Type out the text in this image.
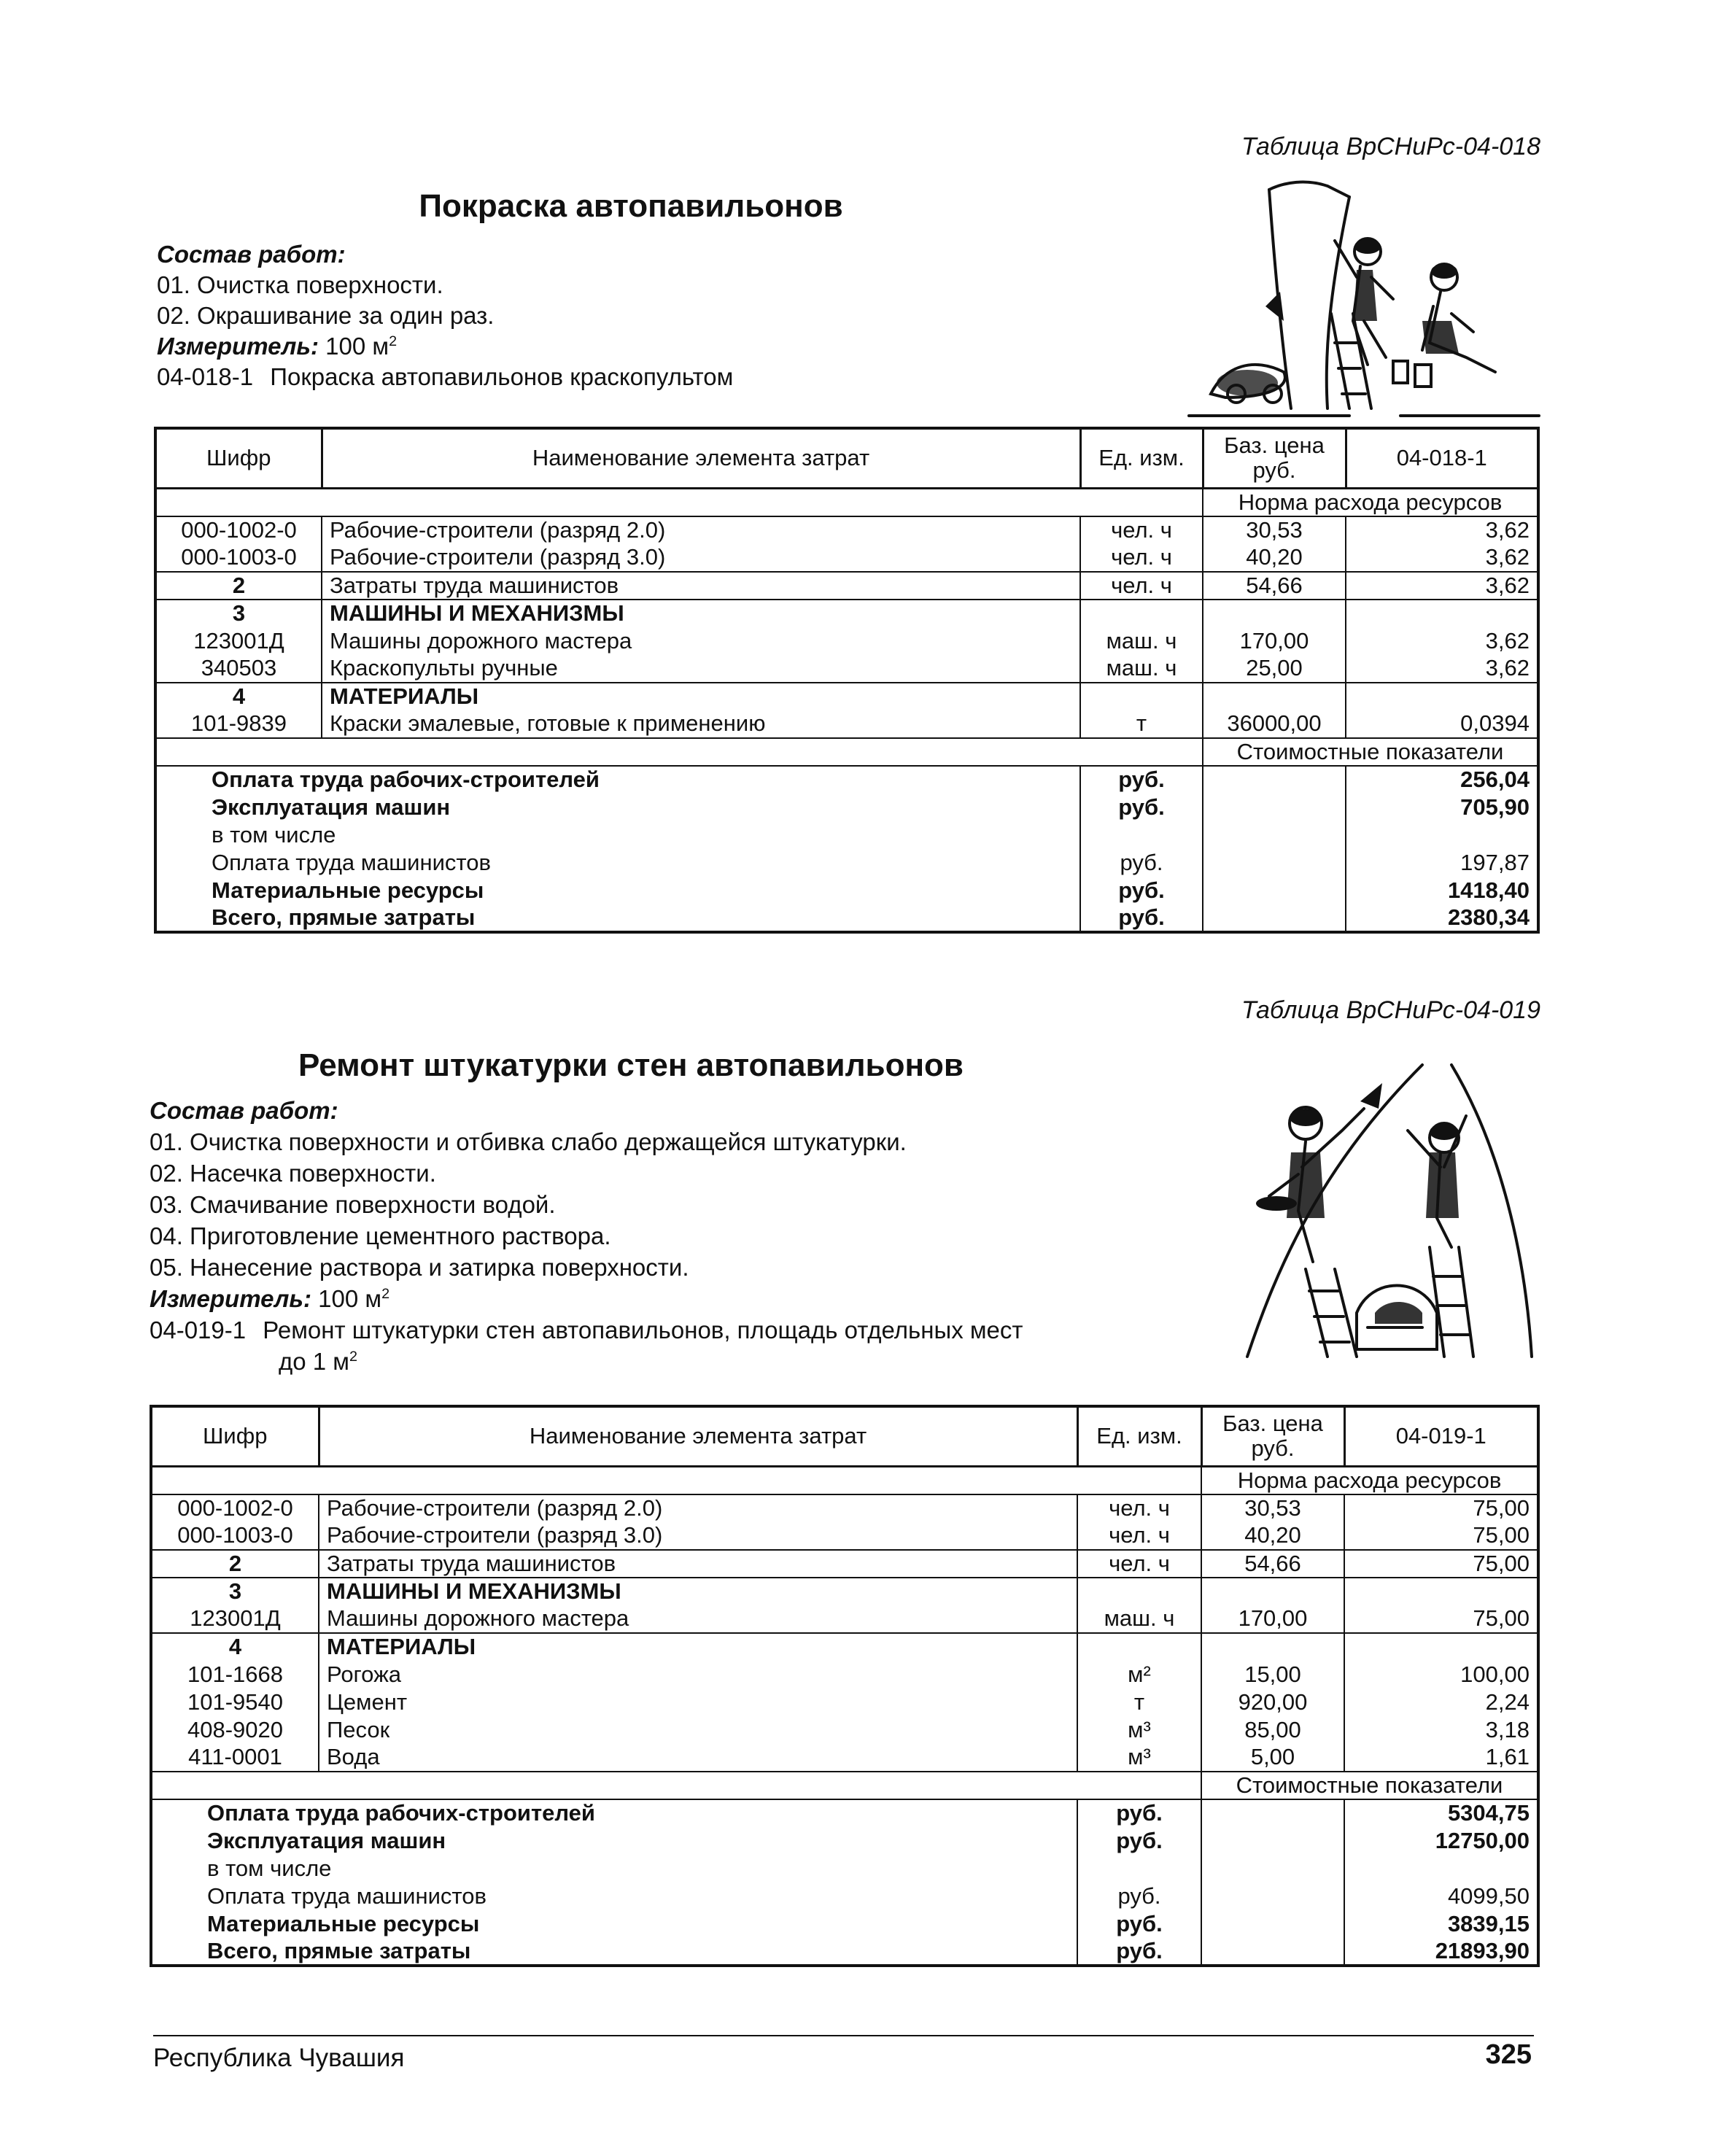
Таблица ВрСНиРс-04-018
Покраска автопавильонов
Состав работ:
01. Очистка поверхности.
02. Окрашивание за один раз.
Измеритель: 100 $м^2$
04-018-1 Покраска автопавильонов краскопультом
Шифр	Наименование элемента затрат	Ед. изм.	Баз. цена руб.	04-018-1
			Норма расхода ресурсов	
000-1002-0	Рабочие-строители (разряд 2.0)	чел. ч	30,53	3,62
000-1003-0	Рабочие-строители (разряд 3.0)	чел. ч	40,20	3,62
2	Затраты труда машинистов	чел. ч	54,66	3,62
3	МАШИНЫ И МЕХАНИЗМЫ			
123001Д	Машины дорожного мастера	маш. ч	170,00	3,62
340503	Краскопульты ручные	маш. ч	25,00	3,62
4	МАТЕРИАЛЫ			
101-9839	Краски эмалевые, готовые к применению	т	36000,00	0,0394
			Стоимостные показатели	
Оплата труда рабочих-строителей		руб.		256,04
Эксплуатация машин		руб.		705,90
в том числе				
Оплата труда машинистов		руб.		197,87
Материальные ресурсы		руб.		1418,40
Всего, прямые затраты		руб.		2380,34
Таблица ВрСНиРс-04-019
Ремонт штукатурки стен автопавильонов
Состав работ:
01. Очистка поверхности и отбивка слабо держащейся штукатурки.
02. Насечка поверхности.
03. Смачивание поверхности водой.
04. Приготовление цементного раствора.
05. Нанесение раствора и затирка поверхности.
Измеритель: 100 $м^2$
04-019-1 Ремонт штукатурки стен автопавильонов, площадь отдельных мест
до 1 $м^2$
Шифр	Наименование элемента затрат	Ед. изм.	Баз. цена руб.	04-019-1
			Норма расхода ресурсов	
000-1002-0	Рабочие-строители (разряд 2.0)	чел. ч	30,53	75,00
000-1003-0	Рабочие-строители (разряд 3.0)	чел. ч	40,20	75,00
2	Затраты труда машинистов	чел. ч	54,66	75,00
3	МАШИНЫ И МЕХАНИЗМЫ			
123001Д	Машины дорожного мастера	маш. ч	170,00	75,00
4	МАТЕРИАЛЫ			
101-1668	Рогожа	м²	15,00	100,00
101-9540	Цемент	т	920,00	2,24
408-9020	Песок	м³	85,00	3,18
411-0001	Вода	м³	5,00	1,61
			Стоимостные показатели	
Оплата труда рабочих-строителей		руб.		5304,75
Эксплуатация машин		руб.		12750,00
в том числе				
Оплата труда машинистов		руб.		4099,50
Материальные ресурсы		руб.		3839,15
Всего, прямые затраты		руб.		21893,90
Республика Чувашия	325
